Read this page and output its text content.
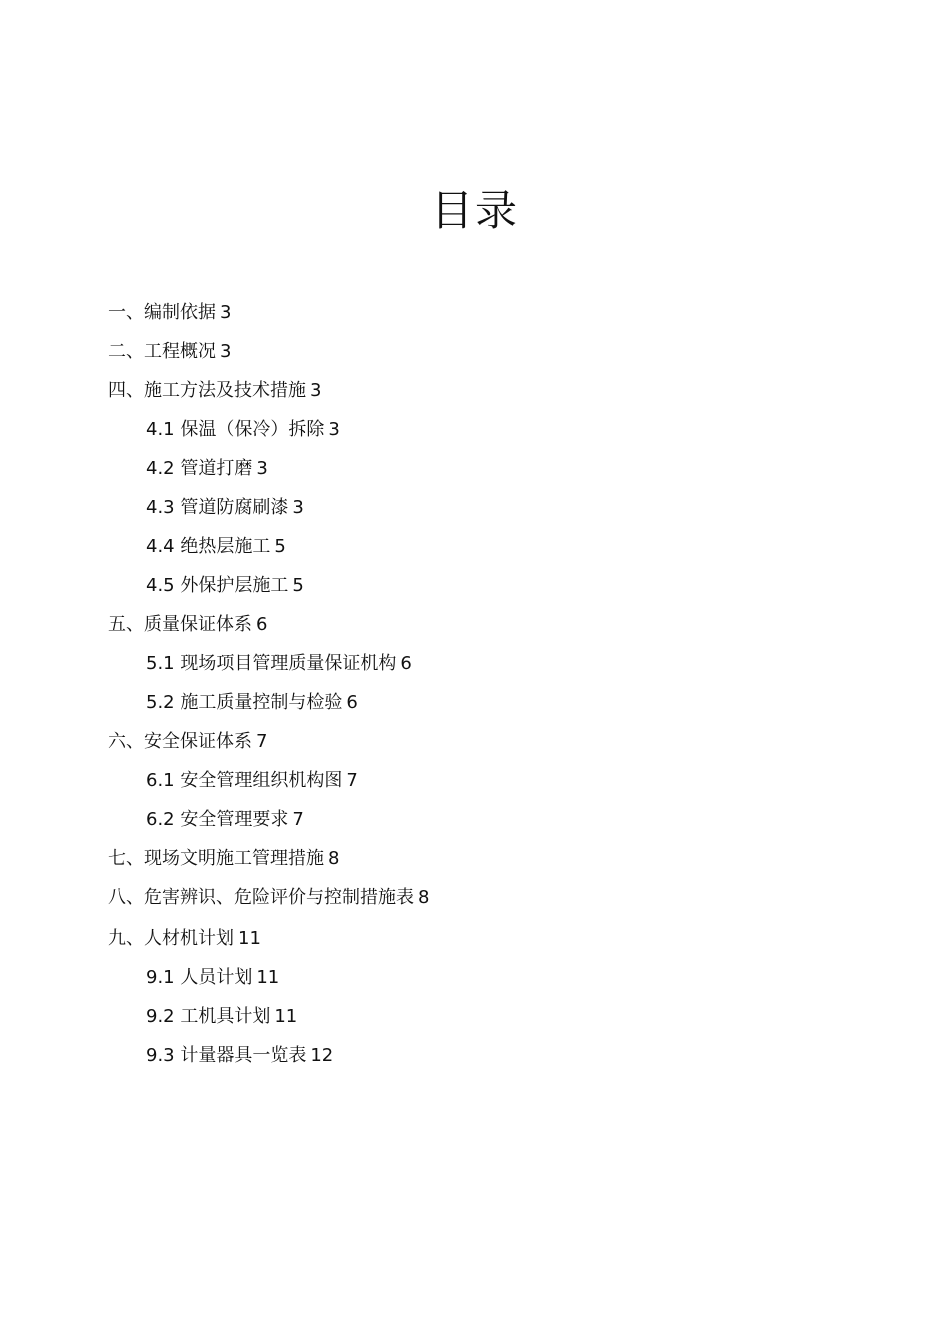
目录
一、编制依据 3
二、工程概况 3
四、施工方法及技术措施 3
4.1 保温（保冷）拆除 3
4.2 管道打磨 3
4.3 管道防腐刷漆 3
4.4 绝热层施工 5
4.5 外保护层施工 5
五、质量保证体系 6
5.1 现场项目管理质量保证机构 6
5.2 施工质量控制与检验 6
六、安全保证体系 7
6.1 安全管理组织机构图 7
6.2 安全管理要求 7
七、现场文明施工管理措施 8
八、危害辨识、危险评价与控制措施表 8
九、人材机计划 11
9.1 人员计划 11
9.2 工机具计划 11
9.3 计量器具一览表 12
